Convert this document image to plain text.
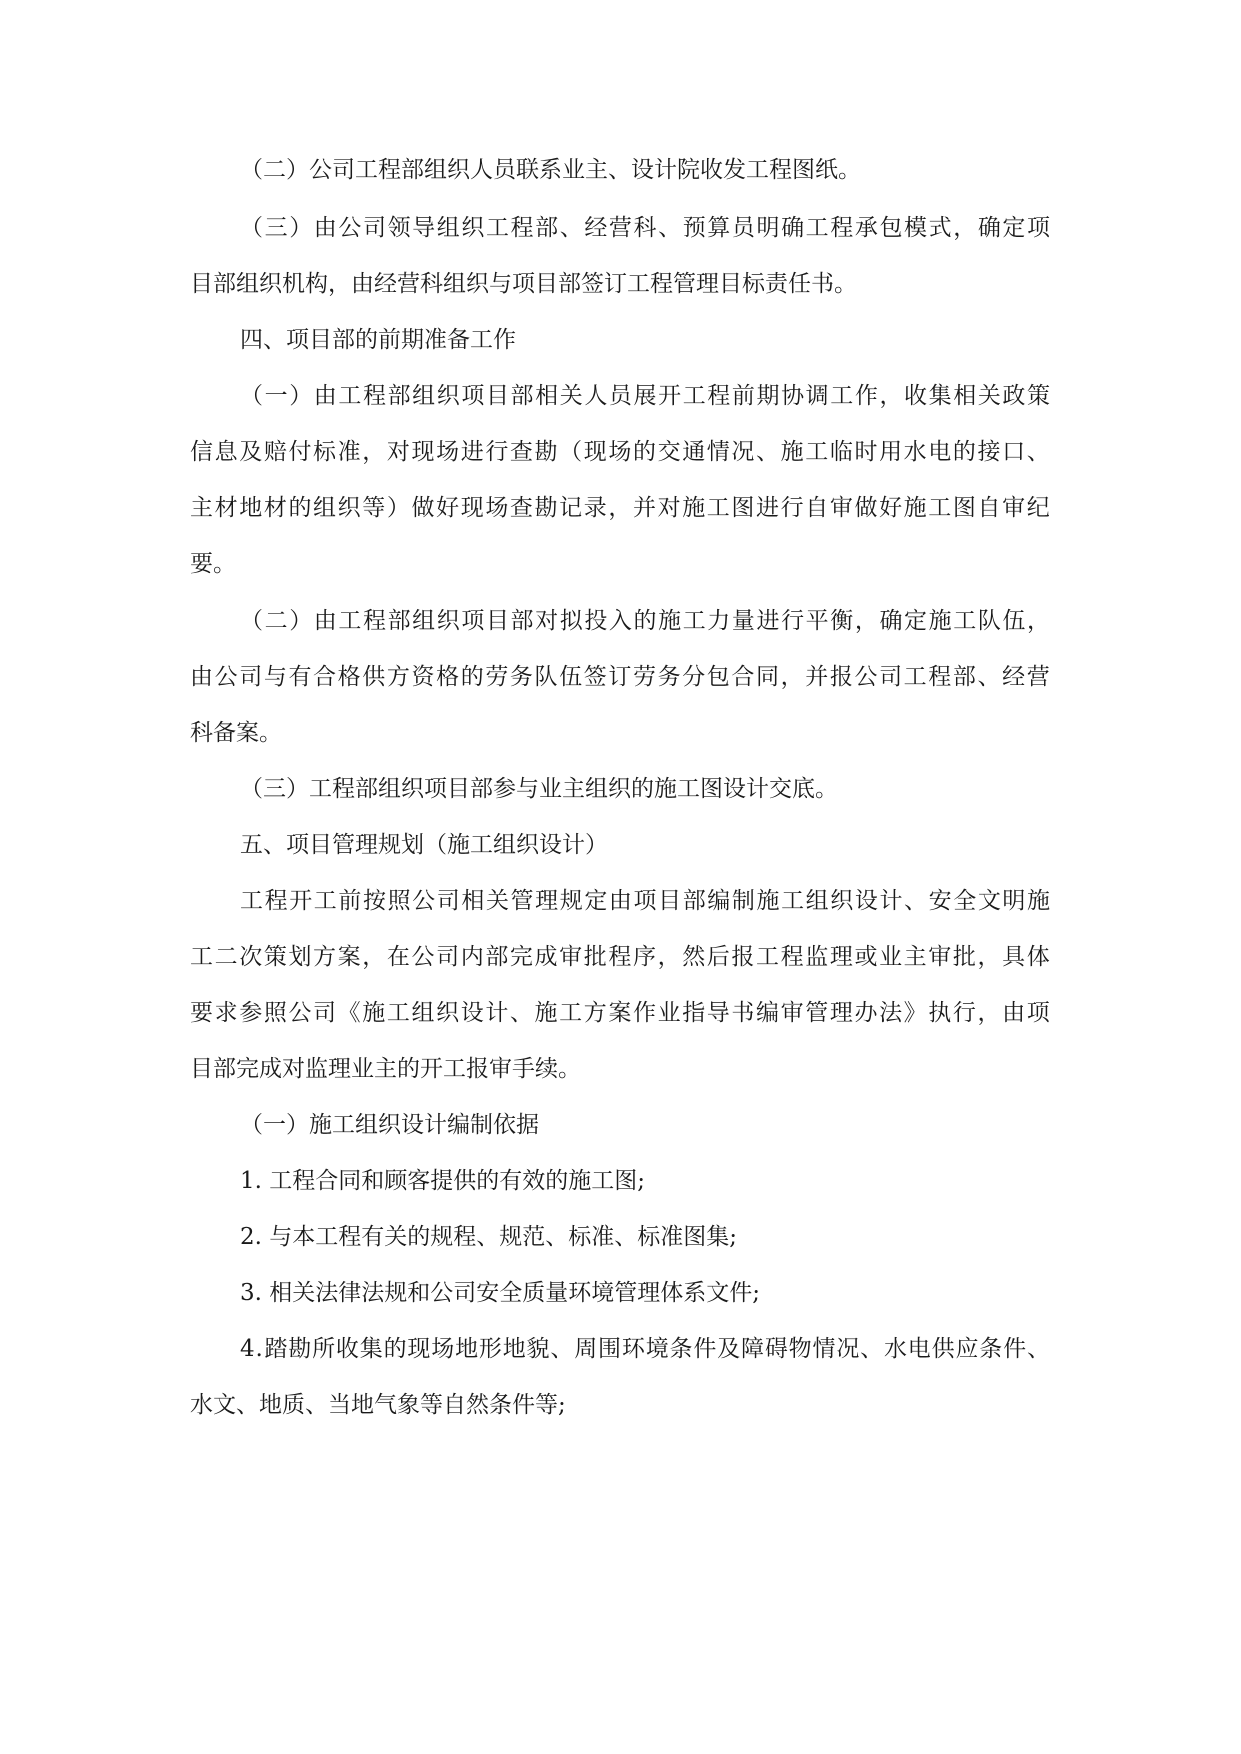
（二）公司工程部组织人员联系业主、设计院收发工程图纸。
（ 三 ） 由 公 司 领 导 组 织 工 程 部 、 经 营 科 、 预 算 员 明 确 工 程 承 包 模 式 ， 确 定 项
目部组织机构，由经营科组织与项目部签订工程管理目标责任书。
四、项目部的前期准备工作
（ 一 ） 由 工 程 部 组 织 项 目 部 相 关 人 员 展 开 工 程 前 期 协 调 工 作 ， 收 集 相 关 政 策
信 息 及 赔 付 标 准 ， 对 现 场 进 行 查 勘 （ 现 场 的 交 通 情 况 、 施 工 临 时 用 水 电 的 接 口 、
主 材 地 材 的 组 织 等 ） 做 好 现 场 查 勘 记 录 ， 并 对 施 工 图 进 行 自 审 做 好 施 工 图 自 审 纪
要。
（ 二 ） 由 工 程 部 组 织 项 目 部 对 拟 投 入 的 施 工 力 量 进 行 平 衡 ， 确 定 施 工 队 伍 ，
由 公 司 与 有 合 格 供 方 资 格 的 劳 务 队 伍 签 订 劳 务 分 包 合 同 ， 并 报 公 司 工 程 部 、 经 营
科备案。
（三）工程部组织项目部参与业主组织的施工图设计交底。
五、项目管理规划（施工组织设计）
工 程 开 工 前 按 照 公 司 相 关 管 理 规 定 由 项 目 部 编 制 施 工 组 织 设 计 、 安 全 文 明 施
工 二 次 策 划 方 案 ， 在 公 司 内 部 完 成 审 批 程 序 ， 然 后 报 工 程 监 理 或 业 主 审 批 ， 具 体
要 求 参 照 公 司 《 施 工 组 织 设 计 、 施 工 方 案 作 业 指 导 书 编 审 管 理 办 法 》 执 行 ， 由 项
目部完成对监理业主的开工报审手续。
（一）施工组织设计编制依据
1. 工程合同和顾客提供的有效的施工图;
2. 与本工程有关的规程、规范、标准、标准图集;
3. 相关法律法规和公司安全质量环境管理体系文件;
4 . 踏 勘 所 收 集 的 现 场 地 形 地 貌 、 周 围 环 境 条 件 及 障 碍 物 情 况 、 水 电 供 应 条 件 、
水文、地质、当地气象等自然条件等;
